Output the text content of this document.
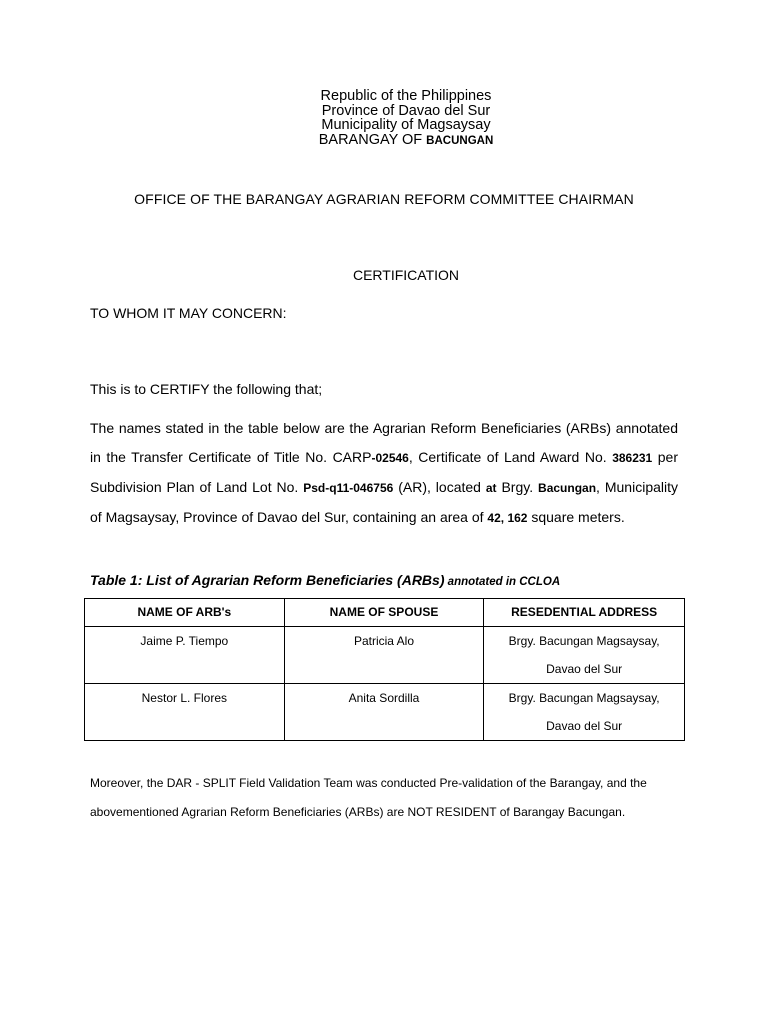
Republic of the Philippines
Province of Davao del Sur
Municipality of Magsaysay
BARANGAY OF BACUNGAN
OFFICE OF THE BARANGAY AGRARIAN REFORM COMMITTEE CHAIRMAN
CERTIFICATION
TO WHOM IT MAY CONCERN:
This is to CERTIFY the following that;
The names stated in the table below are the Agrarian Reform Beneficiaries (ARBs) annotated in the Transfer Certificate of Title No. CARP-02546, Certificate of Land Award No. 386231 per Subdivision Plan of Land Lot No. Psd-q11-046756 (AR), located at Brgy. Bacungan, Municipality of Magsaysay, Province of Davao del Sur, containing an area of 42, 162 square meters.
Table 1: List of Agrarian Reform Beneficiaries (ARBs) annotated in CCLOA
NAME OF ARB's	NAME OF SPOUSE	RESEDENTIAL ADDRESS
Jaime P. Tiempo	Patricia Alo	Brgy. Bacungan Magsaysay,
Davao del Sur

Nestor L. Flores	Anita Sordilla	Brgy. Bacungan Magsaysay,
Davao del Sur
Moreover, the DAR - SPLIT Field Validation Team was conducted Pre-validation of the Barangay, and the abovementioned Agrarian Reform Beneficiaries (ARBs) are NOT RESIDENT of Barangay Bacungan.
